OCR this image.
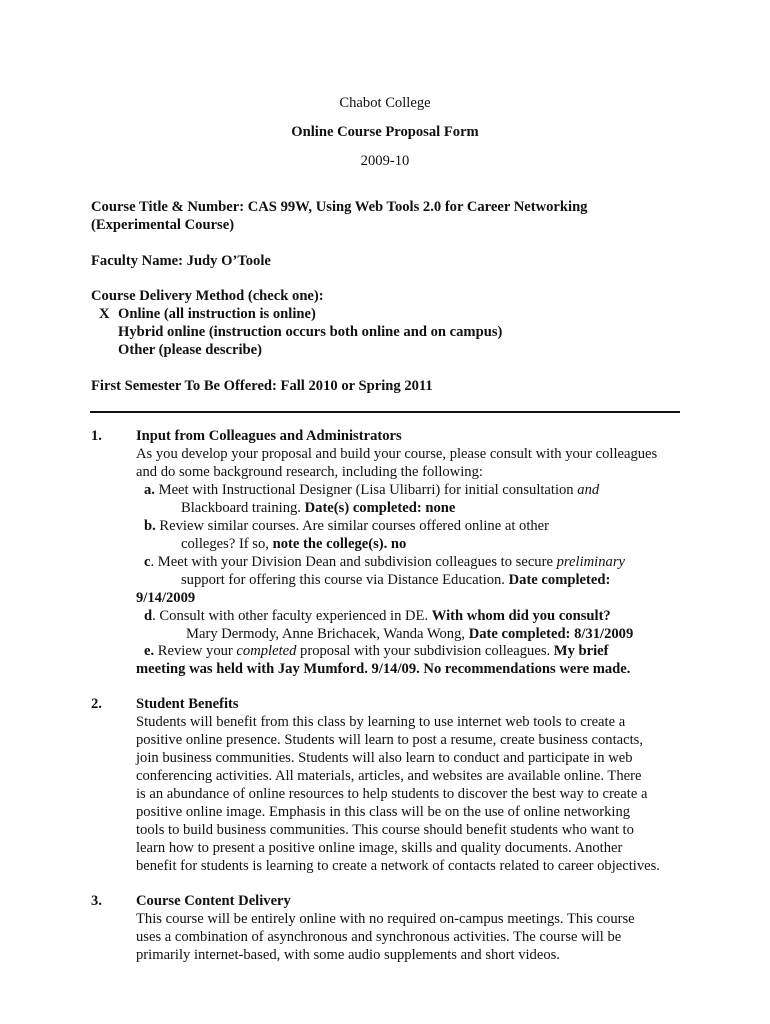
Chabot College
Online Course Proposal Form
2009-10
Course Title & Number: CAS 99W, Using Web Tools 2.0 for Career Networking
(Experimental Course)
Faculty Name: Judy O’Toole
Course Delivery Method (check one):
X Online (all instruction is online)
Hybrid online (instruction occurs both online and on campus)
Other (please describe)
First Semester To Be Offered: Fall 2010 or Spring 2011
1. Input from Colleagues and Administrators
As you develop your proposal and build your course, please consult with your colleagues
and do some background research, including the following:
a. Meet with Instructional Designer (Lisa Ulibarri) for initial consultation and
Blackboard training. Date(s) completed: none
b. Review similar courses. Are similar courses offered online at other
colleges? If so, note the college(s). no
c. Meet with your Division Dean and subdivision colleagues to secure preliminary
support for offering this course via Distance Education. Date completed:
9/14/2009
d. Consult with other faculty experienced in DE. With whom did you consult?
Mary Dermody, Anne Brichacek, Wanda Wong, Date completed: 8/31/2009
e. Review your completed proposal with your subdivision colleagues. My brief
meeting was held with Jay Mumford. 9/14/09. No recommendations were made.
2. Student Benefits
Students will benefit from this class by learning to use internet web tools to create a
positive online presence. Students will learn to post a resume, create business contacts,
join business communities. Students will also learn to conduct and participate in web
conferencing activities. All materials, articles, and websites are available online. There
is an abundance of online resources to help students to discover the best way to create a
positive online image. Emphasis in this class will be on the use of online networking
tools to build business communities. This course should benefit students who want to
learn how to present a positive online image, skills and quality documents. Another
benefit for students is learning to create a network of contacts related to career objectives.
3. Course Content Delivery
This course will be entirely online with no required on-campus meetings. This course
uses a combination of asynchronous and synchronous activities. The course will be
primarily internet-based, with some audio supplements and short videos.
